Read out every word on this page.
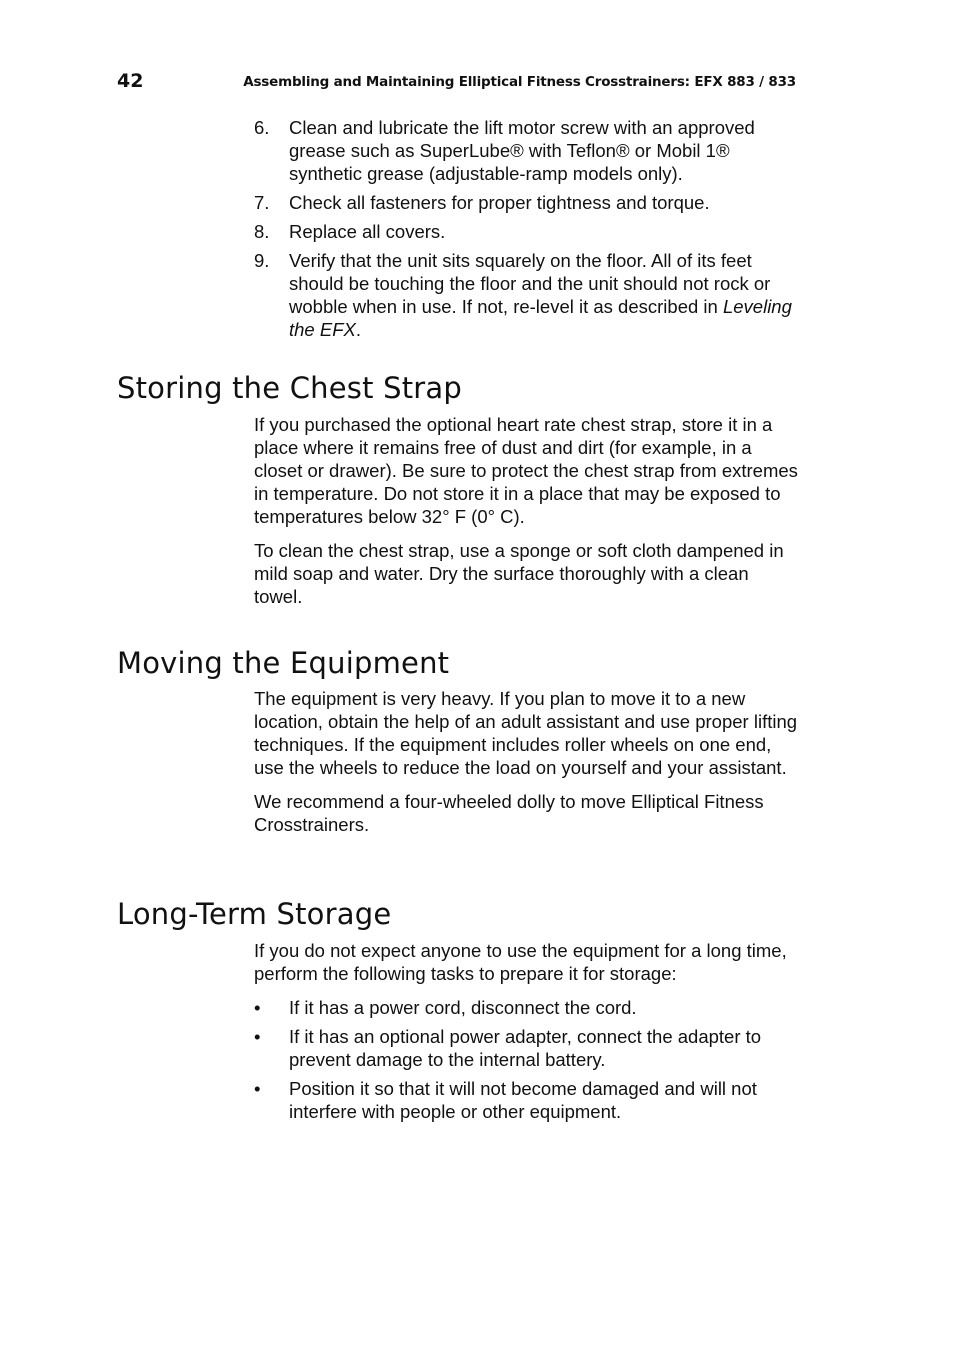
42	Assembling and Maintaining Elliptical Fitness Crosstrainers: EFX 883 / 833
6. Clean and lubricate the lift motor screw with an approved grease such as SuperLube® with Teflon® or Mobil 1® synthetic grease (adjustable-ramp models only).
7. Check all fasteners for proper tightness and torque.
8. Replace all covers.
9. Verify that the unit sits squarely on the floor. All of its feet should be touching the floor and the unit should not rock or wobble when in use. If not, re-level it as described in Leveling the EFX.
Storing the Chest Strap

If you purchased the optional heart rate chest strap, store it in a place where it remains free of dust and dirt (for example, in a closet or drawer). Be sure to protect the chest strap from extremes in temperature. Do not store it in a place that may be exposed to temperatures below 32° F (0° C).

To clean the chest strap, use a sponge or soft cloth dampened in mild soap and water. Dry the surface thoroughly with a clean towel.

Moving the Equipment

The equipment is very heavy. If you plan to move it to a new location, obtain the help of an adult assistant and use proper lifting techniques. If the equipment includes roller wheels on one end, use the wheels to reduce the load on yourself and your assistant.

We recommend a four-wheeled dolly to move Elliptical Fitness Crosstrainers.

Long-Term Storage

If you do not expect anyone to use the equipment for a long time, perform the following tasks to prepare it for storage:

• If it has a power cord, disconnect the cord.
• If it has an optional power adapter, connect the adapter to prevent damage to the internal battery.
• Position it so that it will not become damaged and will not interfere with people or other equipment.
